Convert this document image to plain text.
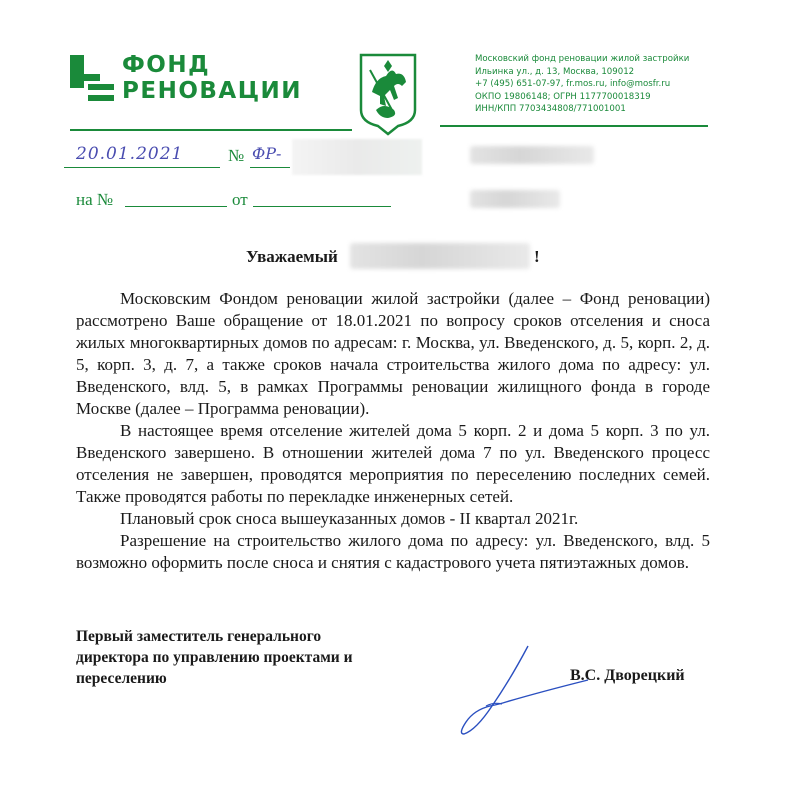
ФОНД
РЕНОВАЦИИ
Московский фонд реновации жилой застройки
Ильинка ул., д. 13, Москва, 109012
+7 (495) 651-07-97, fr.mos.ru, info@mosfr.ru
ОКПО 19806148; ОГРН 1177700018319
ИНН/КПП 7703434808/771001001
20.01.2021	№ ФР-
на №	от
Уважаемый	!

Московским Фондом реновации жилой застройки (далее – Фонд реновации) рассмотрено Ваше обращение от 18.01.2021 по вопросу сроков отселения и сноса жилых многоквартирных домов по адресам: г. Москва, ул. Введенского, д. 5, корп. 2, д. 5, корп. 3, д. 7, а также сроков начала строительства жилого дома по адресу: ул. Введенского, влд. 5, в рамках Программы реновации жилищного фонда в городе Москве (далее – Программа реновации).

В настоящее время отселение жителей дома 5 корп. 2 и дома 5 корп. 3 по ул. Введенского завершено. В отношении жителей дома 7 по ул. Введенского процесс отселения не завершен, проводятся мероприятия по переселению последних семей. Также проводятся работы по перекладке инженерных сетей.

Плановый срок сноса вышеуказанных домов - II квартал 2021г.

Разрешение на строительство жилого дома по адресу: ул. Введенского, влд. 5 возможно оформить после сноса и снятия с кадастрового учета пятиэтажных домов.

Первый заместитель генерального
директора по управлению проектами и
переселению	В.С. Дворецкий
